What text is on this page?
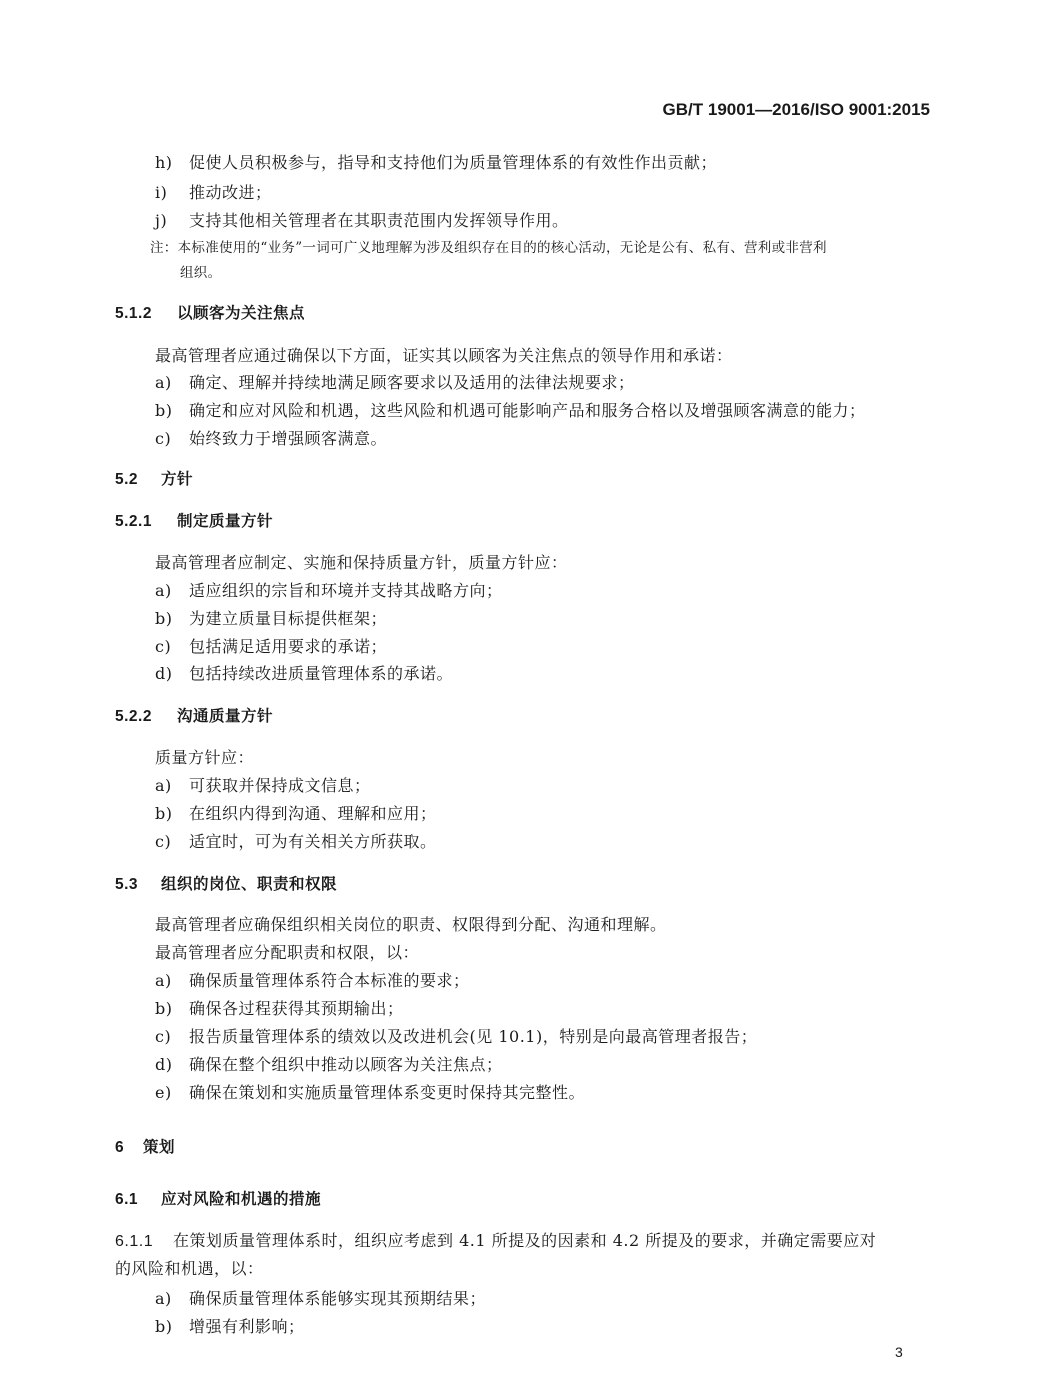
GB/T 19001—2016/ISO 9001:2015
h) 促使人员积极参与，指导和支持他们为质量管理体系的有效性作出贡献；
i) 推动改进；
j) 支持其他相关管理者在其职责范围内发挥领导作用。
注：本标准使用的“业务”一词可广义地理解为涉及组织存在目的的核心活动，无论是公有、私有、营利或非营利
组织。
5.1.2 以顾客为关注焦点
最高管理者应通过确保以下方面，证实其以顾客为关注焦点的领导作用和承诺：
a) 确定、理解并持续地满足顾客要求以及适用的法律法规要求；
b) 确定和应对风险和机遇，这些风险和机遇可能影响产品和服务合格以及增强顾客满意的能力；
c) 始终致力于增强顾客满意。
5.2 方针
5.2.1 制定质量方针
最高管理者应制定、实施和保持质量方针，质量方针应：
a) 适应组织的宗旨和环境并支持其战略方向；
b) 为建立质量目标提供框架；
c) 包括满足适用要求的承诺；
d) 包括持续改进质量管理体系的承诺。
5.2.2 沟通质量方针
质量方针应：
a) 可获取并保持成文信息；
b) 在组织内得到沟通、理解和应用；
c) 适宜时，可为有关相关方所获取。
5.3 组织的岗位、职责和权限
最高管理者应确保组织相关岗位的职责、权限得到分配、沟通和理解。
最高管理者应分配职责和权限，以：
a) 确保质量管理体系符合本标准的要求；
b) 确保各过程获得其预期输出；
c) 报告质量管理体系的绩效以及改进机会(见 10.1)，特别是向最高管理者报告；
d) 确保在整个组织中推动以顾客为关注焦点；
e) 确保在策划和实施质量管理体系变更时保持其完整性。
6 策划
6.1 应对风险和机遇的措施
6.1.1 在策划质量管理体系时，组织应考虑到 4.1 所提及的因素和 4.2 所提及的要求，并确定需要应对
的风险和机遇，以：
a) 确保质量管理体系能够实现其预期结果；
b) 增强有利影响；
3
